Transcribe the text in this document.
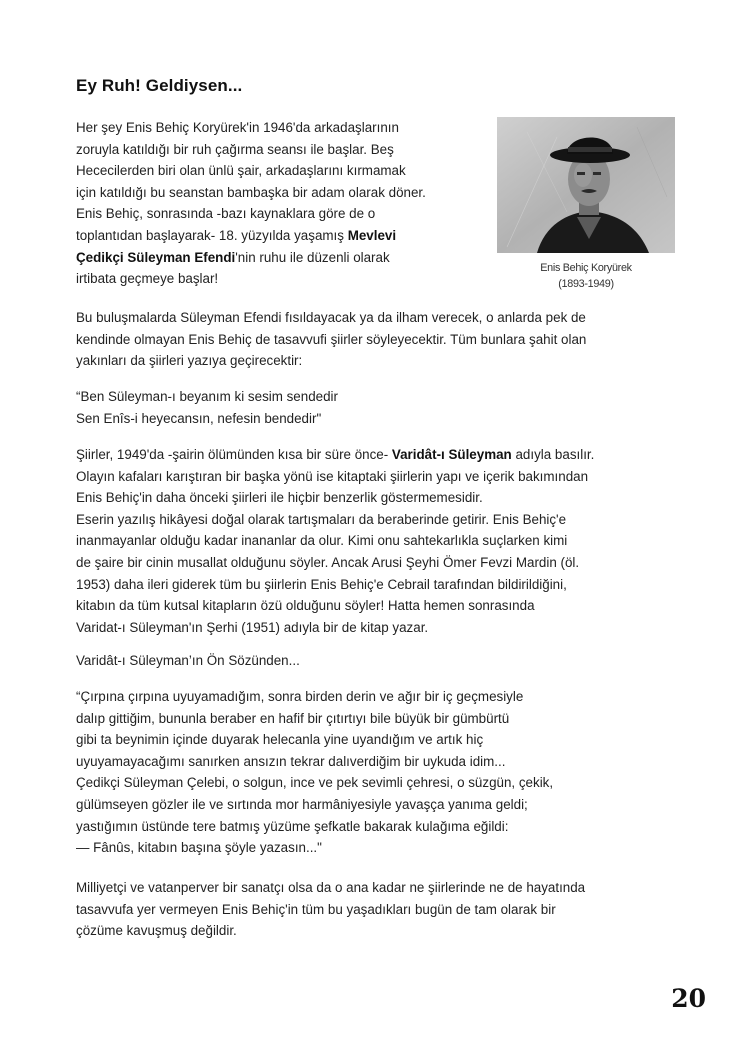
Ey Ruh! Geldiysen...

Her şey Enis Behiç Koryürek'in 1946'da arkadaşlarının
zoruyla katıldığı bir ruh çağırma seansı ile başlar. Beş
Hececilerden biri olan ünlü şair, arkadaşlarını kırmamak
için katıldığı bu seanstan bambaşka bir adam olarak döner.
Enis Behiç, sonrasında -bazı kaynaklara göre de o
toplantıdan başlayarak- 18. yüzyılda yaşamış Mevlevi
Çedikçi Süleyman Efendi'nin ruhu ile düzenli olarak
irtibata geçmeye başlar!

Enis Behiç Koryürek
(1893-1949)

Bu buluşmalarda Süleyman Efendi fısıldayacak ya da ilham verecek, o anlarda pek de
kendinde olmayan Enis Behiç de tasavvufi şiirler söyleyecektir. Tüm bunlara şahit olan
yakınları da şiirleri yazıya geçirecektir:

“Ben Süleyman-ı beyanım ki sesim sendedir
Sen Enîs-i heyecansın, nefesin bendedir"

Şiirler, 1949'da -şairin ölümünden kısa bir süre önce- Varidât-ı Süleyman adıyla basılır.
Olayın kafaları karıştıran bir başka yönü ise kitaptaki şiirlerin yapı ve içerik bakımından
Enis Behiç'in daha önceki şiirleri ile hiçbir benzerlik göstermemesidir.
Eserin yazılış hikâyesi doğal olarak tartışmaları da beraberinde getirir. Enis Behiç'e
inanmayanlar olduğu kadar inananlar da olur. Kimi onu sahtekarlıkla suçlarken kimi
de şaire bir cinin musallat olduğunu söyler. Ancak Arusi Şeyhi Ömer Fevzi Mardin (öl.
1953) daha ileri giderek tüm bu şiirlerin Enis Behiç'e Cebrail tarafından bildirildiğini,
kitabın da tüm kutsal kitapların özü olduğunu söyler! Hatta hemen sonrasında
Varidat-ı Süleyman'ın Şerhi (1951) adıyla bir de kitap yazar.

Varidât-ı Süleyman’ın Ön Sözünden...

“Çırpına çırpına uyuyamadığım, sonra birden derin ve ağır bir iç geçmesiyle
dalıp gittiğim, bununla beraber en hafif bir çıtırtıyı bile büyük bir gümbürtü
gibi ta beynimin içinde duyarak helecanla yine uyandığım ve artık hiç
uyuyamayacağımı sanırken ansızın tekrar dalıverdiğim bir uykuda idim...
Çedikçi Süleyman Çelebi, o solgun, ince ve pek sevimli çehresi, o süzgün, çekik,
gülümseyen gözler ile ve sırtında mor harmâniyesiyle yavaşça yanıma geldi;
yastığımın üstünde tere batmış yüzüme şefkatle bakarak kulağıma eğildi:
— Fânûs, kitabın başına şöyle yazasın..."

Milliyetçi ve vatanperver bir sanatçı olsa da o ana kadar ne şiirlerinde ne de hayatında
tasavvufa yer vermeyen Enis Behiç'in tüm bu yaşadıkları bugün de tam olarak bir
çözüme kavuşmuş değildir.

20
